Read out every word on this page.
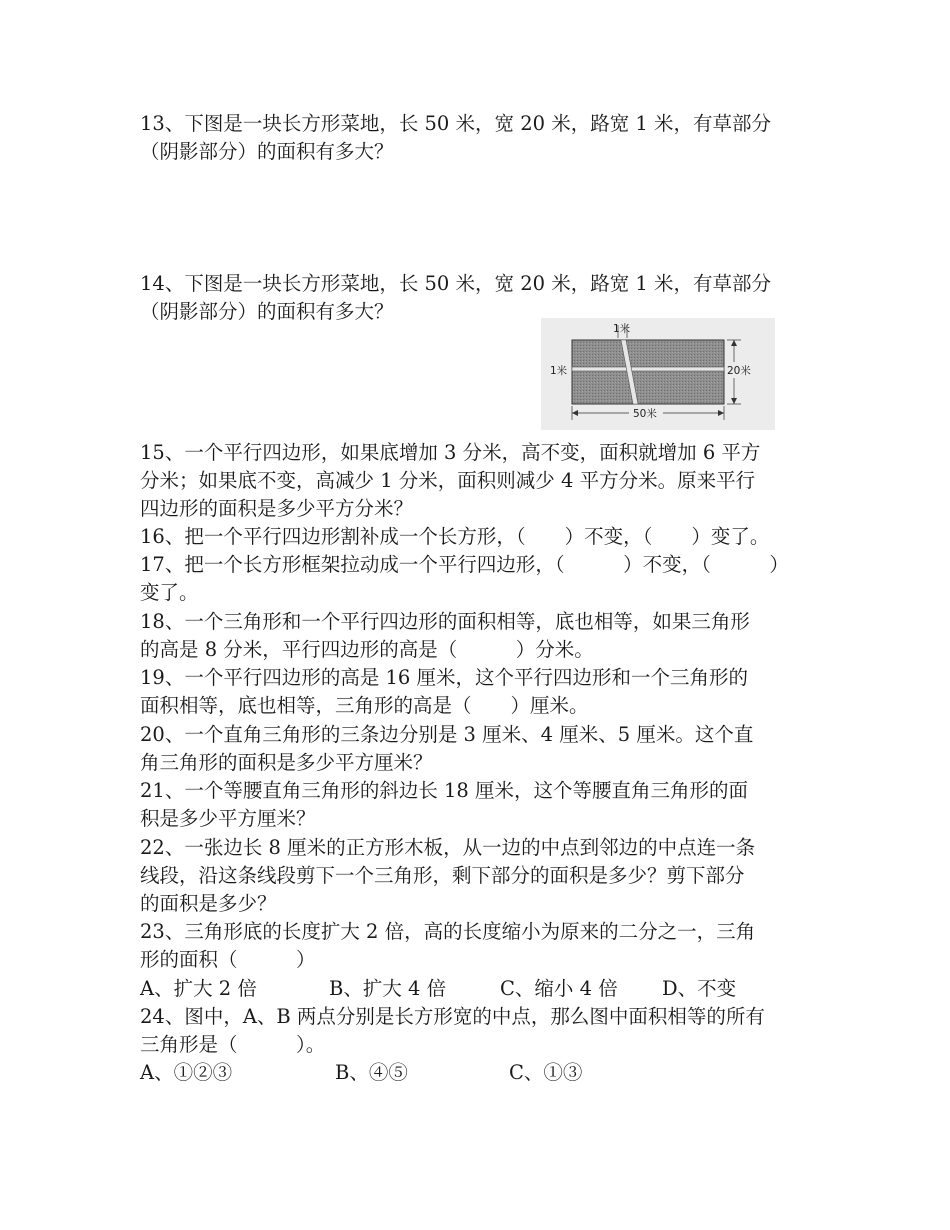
13、下图是一块长方形菜地，长 50 米，宽 20 米，路宽 1 米，有草部分
（阴影部分）的面积有多大？
14、下图是一块长方形菜地，长 50 米，宽 20 米，路宽 1 米，有草部分
（阴影部分）的面积有多大？
1米
1米	20米
50米
15、一个平行四边形，如果底增加 3 分米，高不变，面积就增加 6 平方
分米；如果底不变，高减少 1 分米，面积则减少 4 平方分米。原来平行
四边形的面积是多少平方分米？
16、把一个平行四边形割补成一个长方形，（　　）不变，（　　）变了。
17、把一个长方形框架拉动成一个平行四边形，（　　　）不变，（　　　）
变了。
18、一个三角形和一个平行四边形的面积相等，底也相等，如果三角形
的高是 8 分米，平行四边形的高是（　　　）分米。
19、一个平行四边形的高是 16 厘米，这个平行四边形和一个三角形的
面积相等，底也相等，三角形的高是（　　）厘米。
20、一个直角三角形的三条边分别是 3 厘米、4 厘米、5 厘米。这个直
角三角形的面积是多少平方厘米？
21、一个等腰直角三角形的斜边长 18 厘米，这个等腰直角三角形的面
积是多少平方厘米？
22、一张边长 8 厘米的正方形木板，从一边的中点到邻边的中点连一条
线段，沿这条线段剪下一个三角形，剩下部分的面积是多少？剪下部分
的面积是多少？
23、三角形底的长度扩大 2 倍，高的长度缩小为原来的二分之一，三角
形的面积（　　　）
A、扩大 2 倍	B、扩大 4 倍	C、缩小 4 倍 D、不变
24、图中，A、B 两点分别是长方形宽的中点，那么图中面积相等的所有
三角形是（　　　）。
A、①②③	B、④⑤	C、①③
